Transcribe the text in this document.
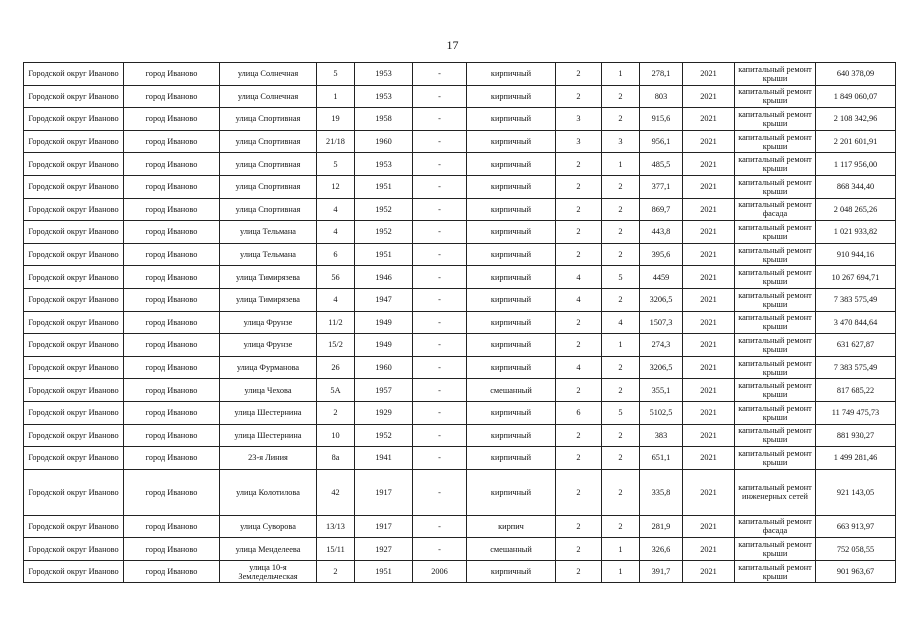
17
Городской округ Иваново	город Иваново	улица Солнечная	5	1953	-	кирпичный	2	1	278,1	2021	капитальный ремонт крыши	640 378,09
Городской округ Иваново	город Иваново	улица Солнечная	1	1953	-	кирпичный	2	2	803	2021	капитальный ремонт крыши	1 849 060,07
Городской округ Иваново	город Иваново	улица Спортивная	19	1958	-	кирпичный	3	2	915,6	2021	капитальный ремонт крыши	2 108 342,96
Городской округ Иваново	город Иваново	улица Спортивная	21/18	1960	-	кирпичный	3	3	956,1	2021	капитальный ремонт крыши	2 201 601,91
Городской округ Иваново	город Иваново	улица Спортивная	5	1953	-	кирпичный	2	1	485,5	2021	капитальный ремонт крыши	1 117 956,00
Городской округ Иваново	город Иваново	улица Спортивная	12	1951	-	кирпичный	2	2	377,1	2021	капитальный ремонт крыши	868 344,40
Городской округ Иваново	город Иваново	улица Спортивная	4	1952	-	кирпичный	2	2	869,7	2021	капитальный ремонт фасада	2 048 265,26
Городской округ Иваново	город Иваново	улица Тельмана	4	1952	-	кирпичный	2	2	443,8	2021	капитальный ремонт крыши	1 021 933,82
Городской округ Иваново	город Иваново	улица Тельмана	6	1951	-	кирпичный	2	2	395,6	2021	капитальный ремонт крыши	910 944,16
Городской округ Иваново	город Иваново	улица Тимирязева	56	1946	-	кирпичный	4	5	4459	2021	капитальный ремонт крыши	10 267 694,71
Городской округ Иваново	город Иваново	улица Тимирязева	4	1947	-	кирпичный	4	2	3206,5	2021	капитальный ремонт крыши	7 383 575,49
Городской округ Иваново	город Иваново	улица Фрунзе	11/2	1949	-	кирпичный	2	4	1507,3	2021	капитальный ремонт крыши	3 470 844,64
Городской округ Иваново	город Иваново	улица Фрунзе	15/2	1949	-	кирпичный	2	1	274,3	2021	капитальный ремонт крыши	631 627,87
Городской округ Иваново	город Иваново	улица Фурманова	26	1960	-	кирпичный	4	2	3206,5	2021	капитальный ремонт крыши	7 383 575,49
Городской округ Иваново	город Иваново	улица Чехова	5А	1957	-	смешанный	2	2	355,1	2021	капитальный ремонт крыши	817 685,22
Городской округ Иваново	город Иваново	улица Шестернина	2	1929	-	кирпичный	6	5	5102,5	2021	капитальный ремонт крыши	11 749 475,73
Городской округ Иваново	город Иваново	улица Шестернина	10	1952	-	кирпичный	2	2	383	2021	капитальный ремонт крыши	881 930,27
Городской округ Иваново	город Иваново	23-я Линия	8а	1941	-	кирпичный	2	2	651,1	2021	капитальный ремонт крыши	1 499 281,46
Городской округ Иваново	город Иваново	улица Колотилова	42	1917	-	кирпичный	2	2	335,8	2021	капитальный ремонт инженерных сетей	921 143,05
Городской округ Иваново	город Иваново	улица Суворова	13/13	1917	-	кирпич	2	2	281,9	2021	капитальный ремонт фасада	663 913,97
Городской округ Иваново	город Иваново	улица Менделеева	15/11	1927	-	смешанный	2	1	326,6	2021	капитальный ремонт крыши	752 058,55
Городской округ Иваново	город Иваново	улица 10-я Земледельческая	2	1951	2006	кирпичный	2	1	391,7	2021	капитальный ремонт крыши	901 963,67
